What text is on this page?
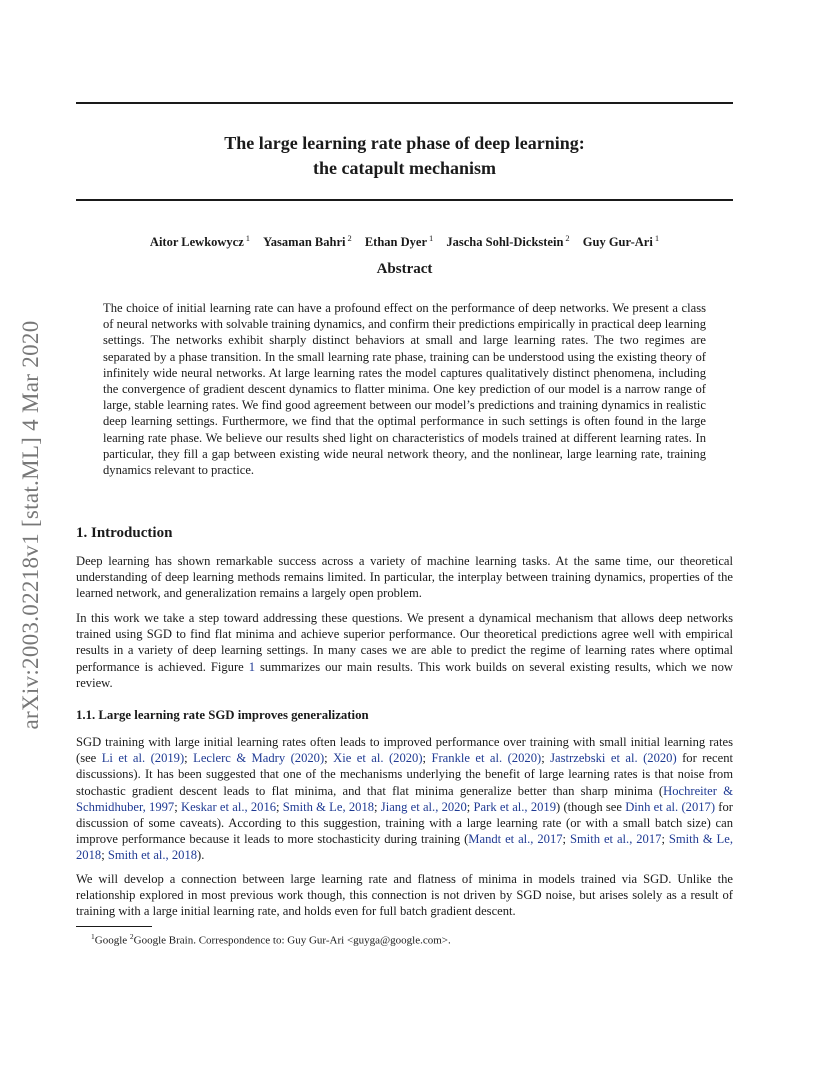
arXiv:2003.02218v1 [stat.ML] 4 Mar 2020
The large learning rate phase of deep learning:
the catapult mechanism
Aitor Lewkowycz $^1$ Yasaman Bahri $^2$ Ethan Dyer $^1$ Jascha Sohl-Dickstein $^2$ Guy Gur-Ari $^1$
Abstract

The choice of initial learning rate can have a profound effect on the performance of deep networks. We present a class of neural networks with solvable training dynamics, and confirm their predictions empirically in practical deep learning settings. The networks exhibit sharply distinct behaviors at small and large learning rates. The two regimes are separated by a phase transition. In the small learning rate phase, training can be understood using the existing theory of infinitely wide neural networks. At large learning rates the model captures qualitatively distinct phenomena, including the convergence of gradient descent dynamics to flatter minima. One key prediction of our model is a narrow range of large, stable learning rates. We find good agreement between our model’s predictions and training dynamics in realistic deep learning settings. Furthermore, we find that the optimal performance in such settings is often found in the large learning rate phase. We believe our results shed light on characteristics of models trained at different learning rates. In particular, they fill a gap between existing wide neural network theory, and the nonlinear, large learning rate, training dynamics relevant to practice.

1. Introduction

Deep learning has shown remarkable success across a variety of machine learning tasks. At the same time, our theoretical understanding of deep learning methods remains limited. In particular, the interplay between training dynamics, properties of the learned network, and generalization remains a largely open problem.

In this work we take a step toward addressing these questions. We present a dynamical mechanism that allows deep networks trained using SGD to find flat minima and achieve superior performance. Our theoretical predictions agree well with empirical results in a variety of deep learning settings. In many cases we are able to predict the regime of learning rates where optimal performance is achieved. Figure 1 summarizes our main results. This work builds on several existing results, which we now review.

1.1. Large learning rate SGD improves generalization

SGD training with large initial learning rates often leads to improved performance over training with small initial learning rates (see Li et al. (2019); Leclerc & Madry (2020); Xie et al. (2020); Frankle et al. (2020); Jastrzebski et al. (2020) for recent discussions). It has been suggested that one of the mechanisms underlying the benefit of large learning rates is that noise from stochastic gradient descent leads to flat minima, and that flat minima generalize better than sharp minima (Hochreiter & Schmidhuber, 1997; Keskar et al., 2016; Smith & Le, 2018; Jiang et al., 2020; Park et al., 2019) (though see Dinh et al. (2017) for discussion of some caveats). According to this suggestion, training with a large learning rate (or with a small batch size) can improve performance because it leads to more stochasticity during training (Mandt et al., 2017; Smith et al., 2017; Smith & Le, 2018; Smith et al., 2018).

We will develop a connection between large learning rate and flatness of minima in models trained via SGD. Unlike the relationship explored in most previous work though, this connection is not driven by SGD noise, but arises solely as a result of training with a large initial learning rate, and holds even for full batch gradient descent.

$^1$Google $^2$Google Brain. Correspondence to: Guy Gur-Ari <guyga@google.com>.
